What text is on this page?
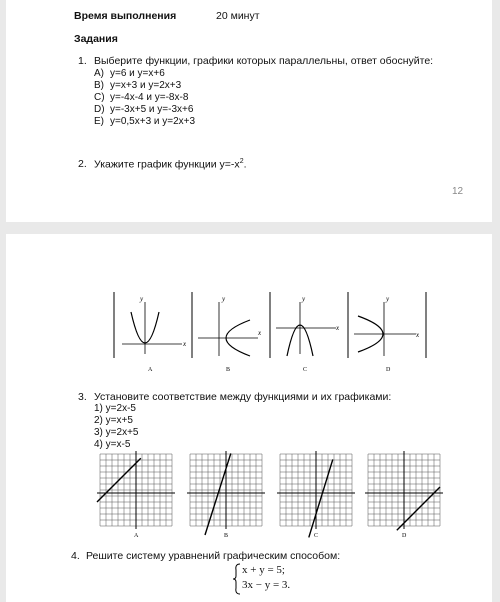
Время выполнения	20 минут
Задания
1. Выберите функции, графики которых параллельны, ответ обоснуйте:
A) y=6 и y=x+6
B) y=x+3 и y=2x+3
C) y=-4x-4 и y=-8x-8
D) y=-3x+5 и y=-3x+6
E) y=0,5x+3 и y=2x+3
2. Укажите график функции $y=-x^2$.
12
x
y
A
x
y
B
x
y
C
x
y
D
3. Установите соответствие между функциями и их графиками:
1) y=2x-5
2) y=x+5
3) y=2x+5
4) y=x-5
A	B	C	D
4. Решите систему уравнений графическим способом:
x + y = 5;
3x − y = 3.
